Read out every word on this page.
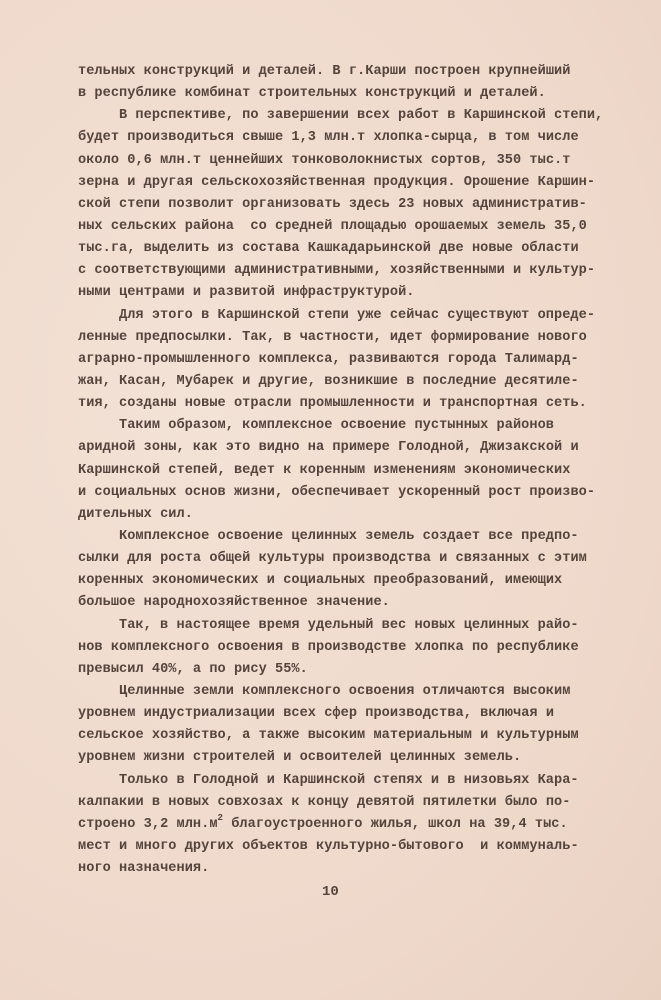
тельных конструкций и деталей. В г.Карши построен крупнейший
в республике комбинат строительных конструкций и деталей.
В перспективе, по завершении всех работ в Каршинской степи,
будет производиться свыше 1,3 млн.т хлопка-сырца, в том числе
около 0,6 млн.т ценнейших тонковолокнистых сортов, 350 тыс.т
зерна и другая сельскохозяйственная продукция. Орошение Каршин-
ской степи позволит организовать здесь 23 новых административ-
ных сельских района  со средней площадью орошаемых земель 35,0
тыс.га, выделить из состава Кашкадарьинской две новые области
с соответствующими административными, хозяйственными и культур-
ными центрами и развитой инфраструктурой.
Для этого в Каршинской степи уже сейчас существуют опреде-
ленные предпосылки. Так, в частности, идет формирование нового
аграрно-промышленного комплекса, развиваются города Талимард-
жан, Касан, Мубарек и другие, возникшие в последние десятиле-
тия, созданы новые отрасли промышленности и транспортная сеть.
Таким образом, комплексное освоение пустынных районов
аридной зоны, как это видно на примере Голодной, Джизакской и
Каршинской степей, ведет к коренным изменениям экономических
и социальных основ жизни, обеспечивает ускоренный рост произво-
дительных сил.
Комплексное освоение целинных земель создает все предпо-
сылки для роста общей культуры производства и связанных с этим
коренных экономических и социальных преобразований, имеющих
большое народнохозяйственное значение.
Так, в настоящее время удельный вес новых целинных райо-
нов комплексного освоения в производстве хлопка по республике
превысил 40%, а по рису 55%.
Целинные земли комплексного освоения отличаются высоким
уровнем индустриализации всех сфер производства, включая и
сельское хозяйство, а также высоким материальным и культурным
уровнем жизни строителей и освоителей целинных земель.
Только в Голодной и Каршинской степях и в низовьях Кара-
калпакии в новых совхозах к концу девятой пятилетки было по-
строено 3,2 $млн.м^2$ благоустроенного жилья, школ на 39,4 тыс.
мест и много других объектов культурно-бытового  и коммуналь-
ного назначения.
10
